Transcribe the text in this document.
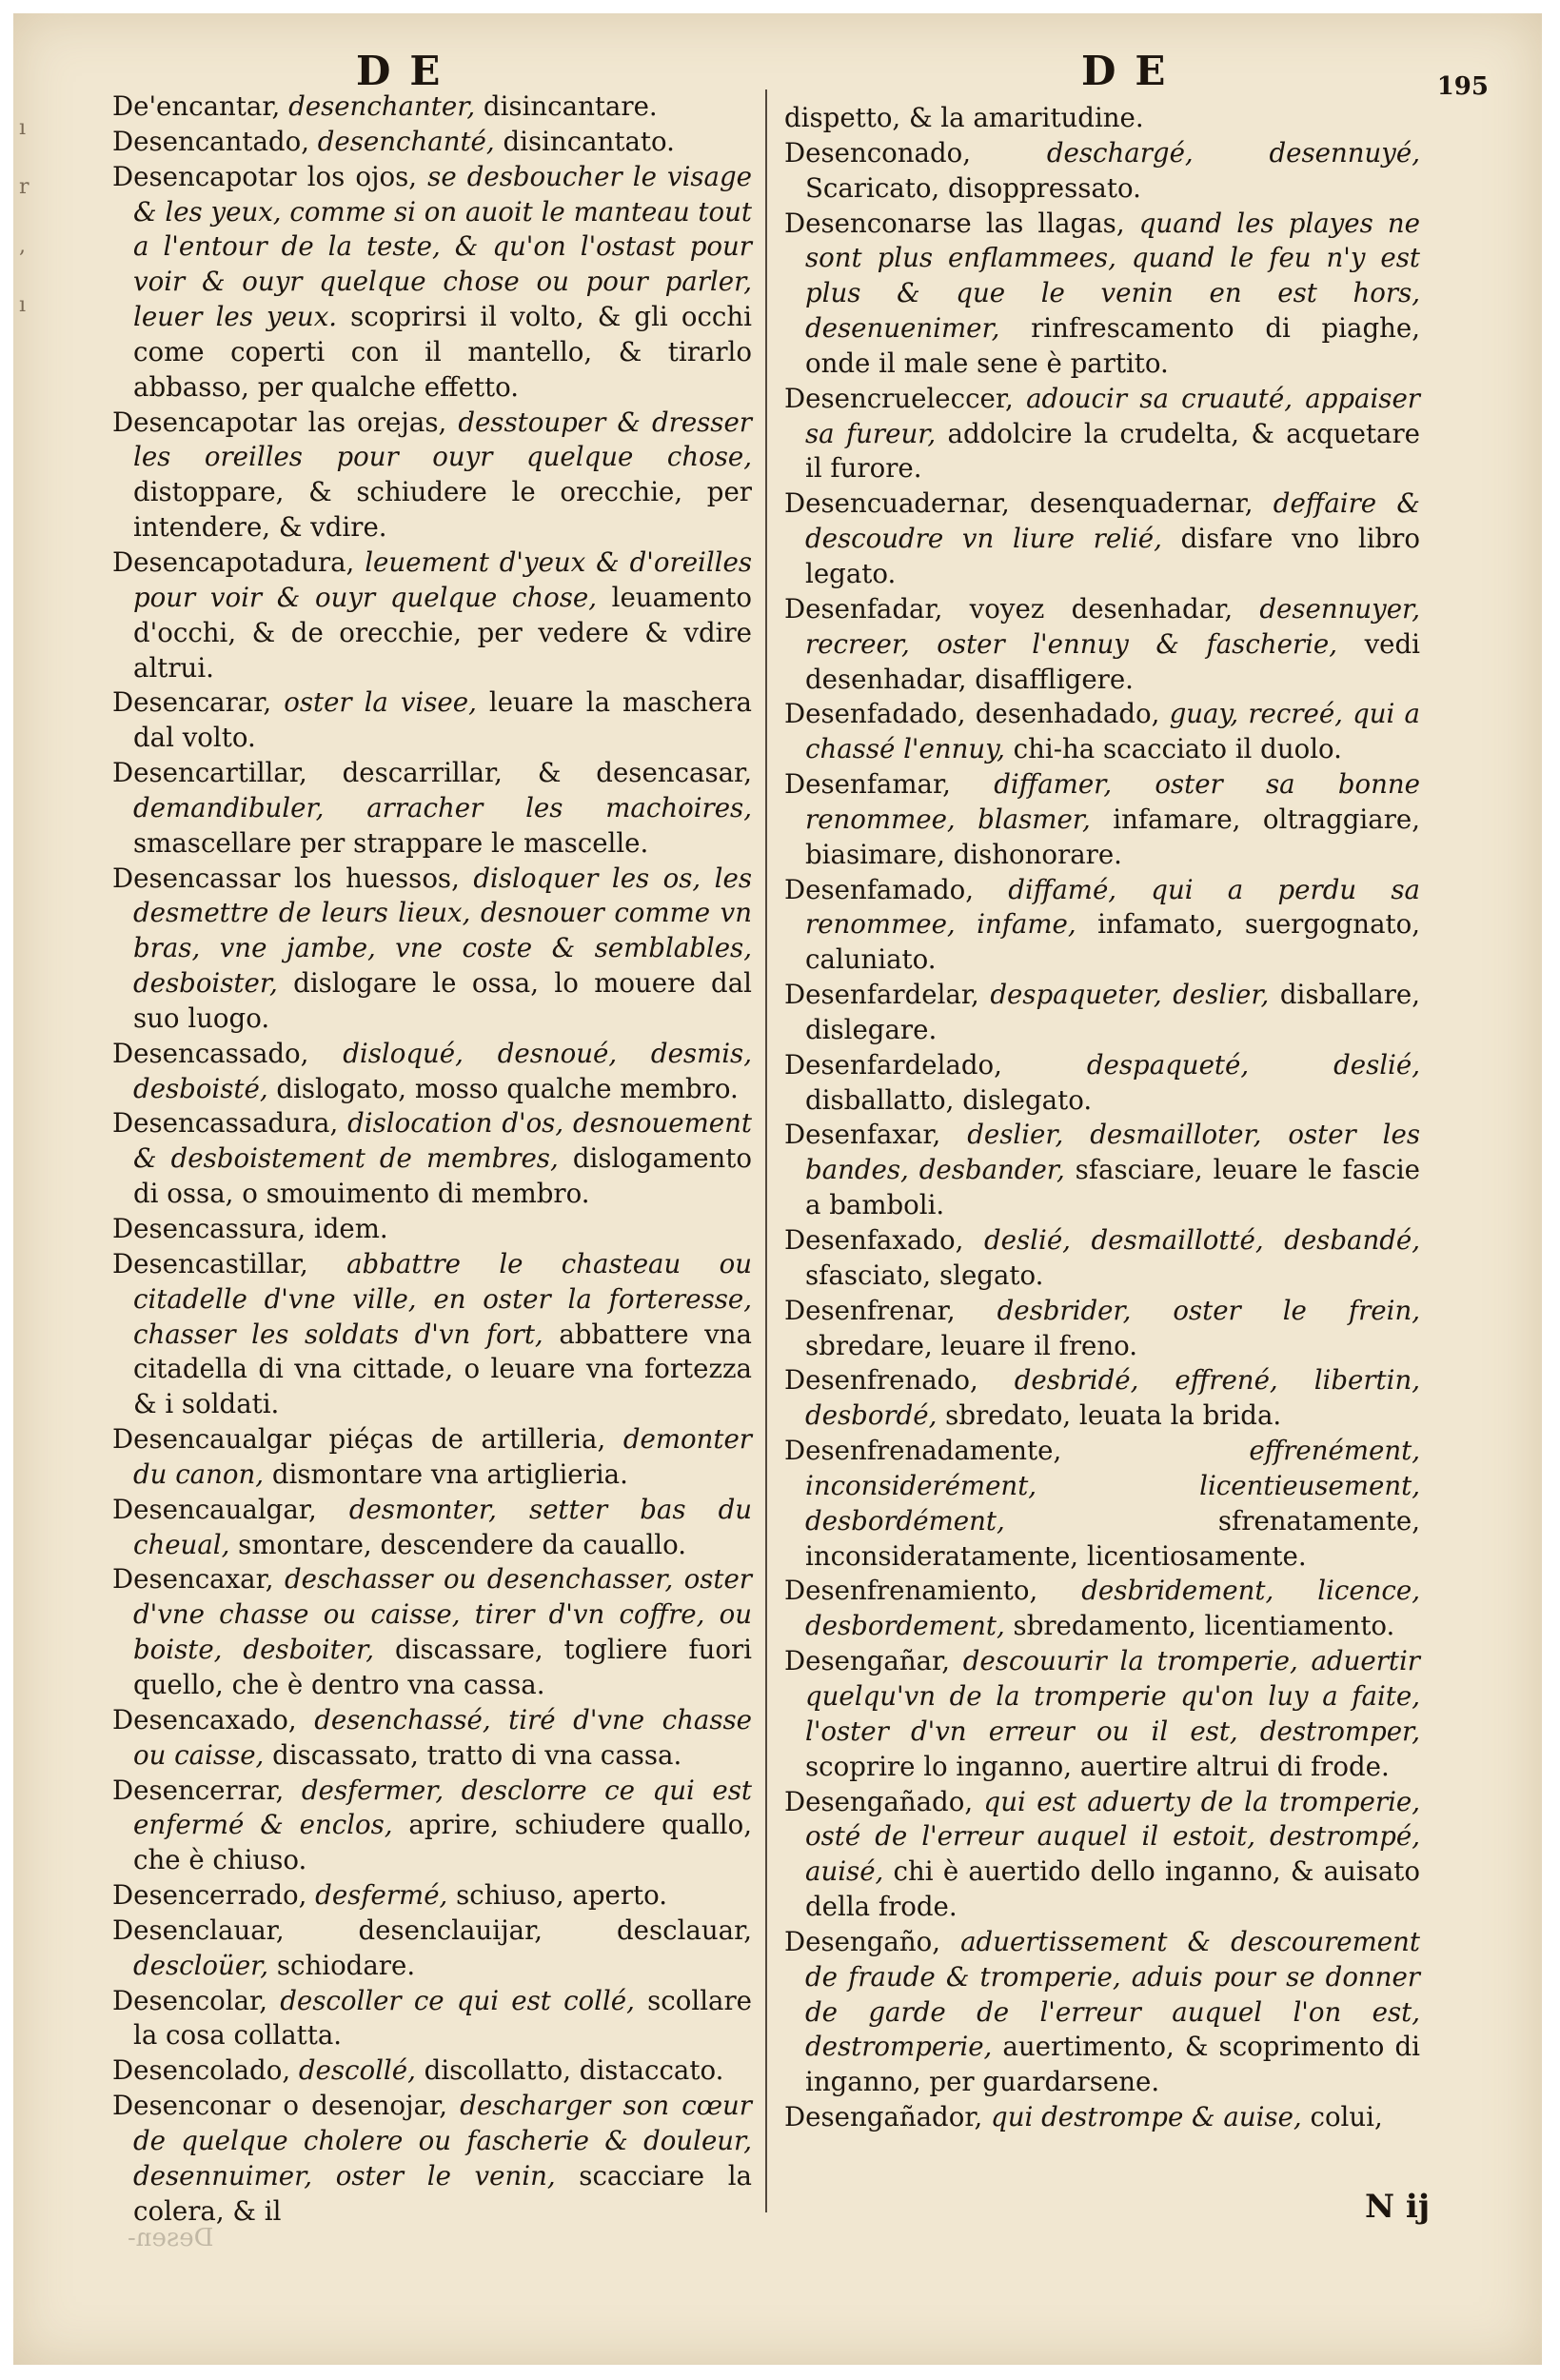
ı
r
,
ı
DE	DE	195

De'encantar, desenchanter, disincantare.

Desencantado, desenchanté, disincantato.

Desencapotar los ojos, se desboucher le visage & les yeux, comme si on auoit le manteau tout a l'entour de la teste, & qu'on l'ostast pour voir & ouyr quelque chose ou pour parler, leuer les yeux. scoprirsi il volto, & gli occhi come coperti con il mantello, & tirarlo abbasso, per qualche effetto.

Desencapotar las orejas, desstouper & dresser les oreilles pour ouyr quelque chose, distoppare, & schiudere le orecchie, per intendere, & vdire.

Desencapotadura, leuement d'yeux & d'oreilles pour voir & ouyr quelque chose, leuamento d'occhi, & de orecchie, per vedere & vdire altrui.

Desencarar, oster la visee, leuare la maschera dal volto.

Desencartillar, descarrillar, & desencasar, demandibuler, arracher les machoires, smascellare per strappare le mascelle.

Desencassar los huessos, disloquer les os, les desmettre de leurs lieux, desnouer comme vn bras, vne jambe, vne coste & semblables, desboister, dislogare le ossa, lo mouere dal suo luogo.

Desencassado, disloqué, desnoué, desmis, desboisté, dislogato, mosso qualche membro.

Desencassadura, dislocation d'os, desnouement & desboistement de membres, dislogamento di ossa, o smouimento di membro.

Desencassura, idem.

Desencastillar, abbattre le chasteau ou citadelle d'vne ville, en oster la forteresse, chasser les soldats d'vn fort, abbattere vna citadella di vna cittade, o leuare vna fortezza & i soldati.

Desencaualgar piéças de artilleria, demonter du canon, dismontare vna artiglieria.

Desencaualgar, desmonter, setter bas du cheual, smontare, descendere da cauallo.

Desencaxar, deschasser ou desenchasser, oster d'vne chasse ou caisse, tirer d'vn coffre, ou boiste, desboiter, discassare, togliere fuori quello, che è dentro vna cassa.

Desencaxado, desenchassé, tiré d'vne chasse ou caisse, discassato, tratto di vna cassa.

Desencerrar, desfermer, desclorre ce qui est enfermé & enclos, aprire, schiudere quallo, che è chiuso.

Desencerrado, desfermé, schiuso, aperto.

Desenclauar, desenclauijar, desclauar, descloüer, schiodare.

Desencolar, descoller ce qui est collé, scollare la cosa collatta.

Desencolado, descollé, discollatto, distaccato.

Desenconar o desenojar, descharger son cœur de quelque cholere ou fascherie & douleur, desennuimer, oster le venin, scacciare la colera, & il

dispetto, & la amaritudine.

Desenconado,	deschargé, desennuyé, Scaricato, disoppressato.

Desenconarse las llagas, quand les playes ne sont plus enflammees, quand le feu n'y est plus & que le venin en est hors, desenuenimer, rinfrescamento di piaghe, onde il male sene è partito.

Desencrueleccer, adoucir sa cruauté, appaiser sa fureur, addolcire la crudelta, & acquetare il furore.

Desencuadernar, desenquadernar, deffaire & descoudre vn liure relié, disfare vno libro legato.

Desenfadar, voyez desenhadar, desennuyer, recreer, oster l'ennuy & fascherie, vedi desenhadar, disaffligere.

Desenfadado, desenhadado, guay, recreé, qui a chassé l'ennuy, chi-ha scacciato il duolo.

Desenfamar, diffamer, oster sa bonne renommee, blasmer, infamare, oltraggiare, biasimare, dishonorare.

Desenfamado, diffamé, qui a perdu sa renommee, infame, infamato, suergognato, caluniato.

Desenfardelar, despaqueter, deslier, disballare, dislegare.

Desenfardelado,	despaqueté, deslié, disballatto, dislegato.

Desenfaxar, deslier, desmailloter, oster les bandes, desbander, sfasciare, leuare le fascie a bamboli.

Desenfaxado, deslié, desmaillotté, desbandé, sfasciato, slegato.

Desenfrenar, desbrider, oster le frein, sbredare, leuare il freno.

Desenfrenado, desbridé, effrené, libertin, desbordé, sbredato, leuata la brida.

Desenfrenadamente,	effrenément, inconsiderément, licentieusement, desbordément,	sfrenatamente, inconsideratamente, licentiosamente.

Desenfrenamiento, desbridement, licence, desbordement, sbredamento, licentiamento.

Desengañar, descouurir la tromperie, aduertir quelqu'vn de la tromperie qu'on luy a faite, l'oster d'vn erreur ou il est, destromper, scoprire lo inganno, auertire altrui di frode.

Desengañado, qui est aduerty de la tromperie, osté de l'erreur auquel il estoit, destrompé, auisé, chi è auertido dello inganno, & auisato della frode.

Desengaño, aduertissement & descourement de fraude & tromperie, aduis pour se donner de garde de l'erreur auquel l'on est, destromperie, auertimento, & scoprimento di inganno, per guardarsene.

Desengañador, qui destrompe & auise, colui,

N ij
Desen-
